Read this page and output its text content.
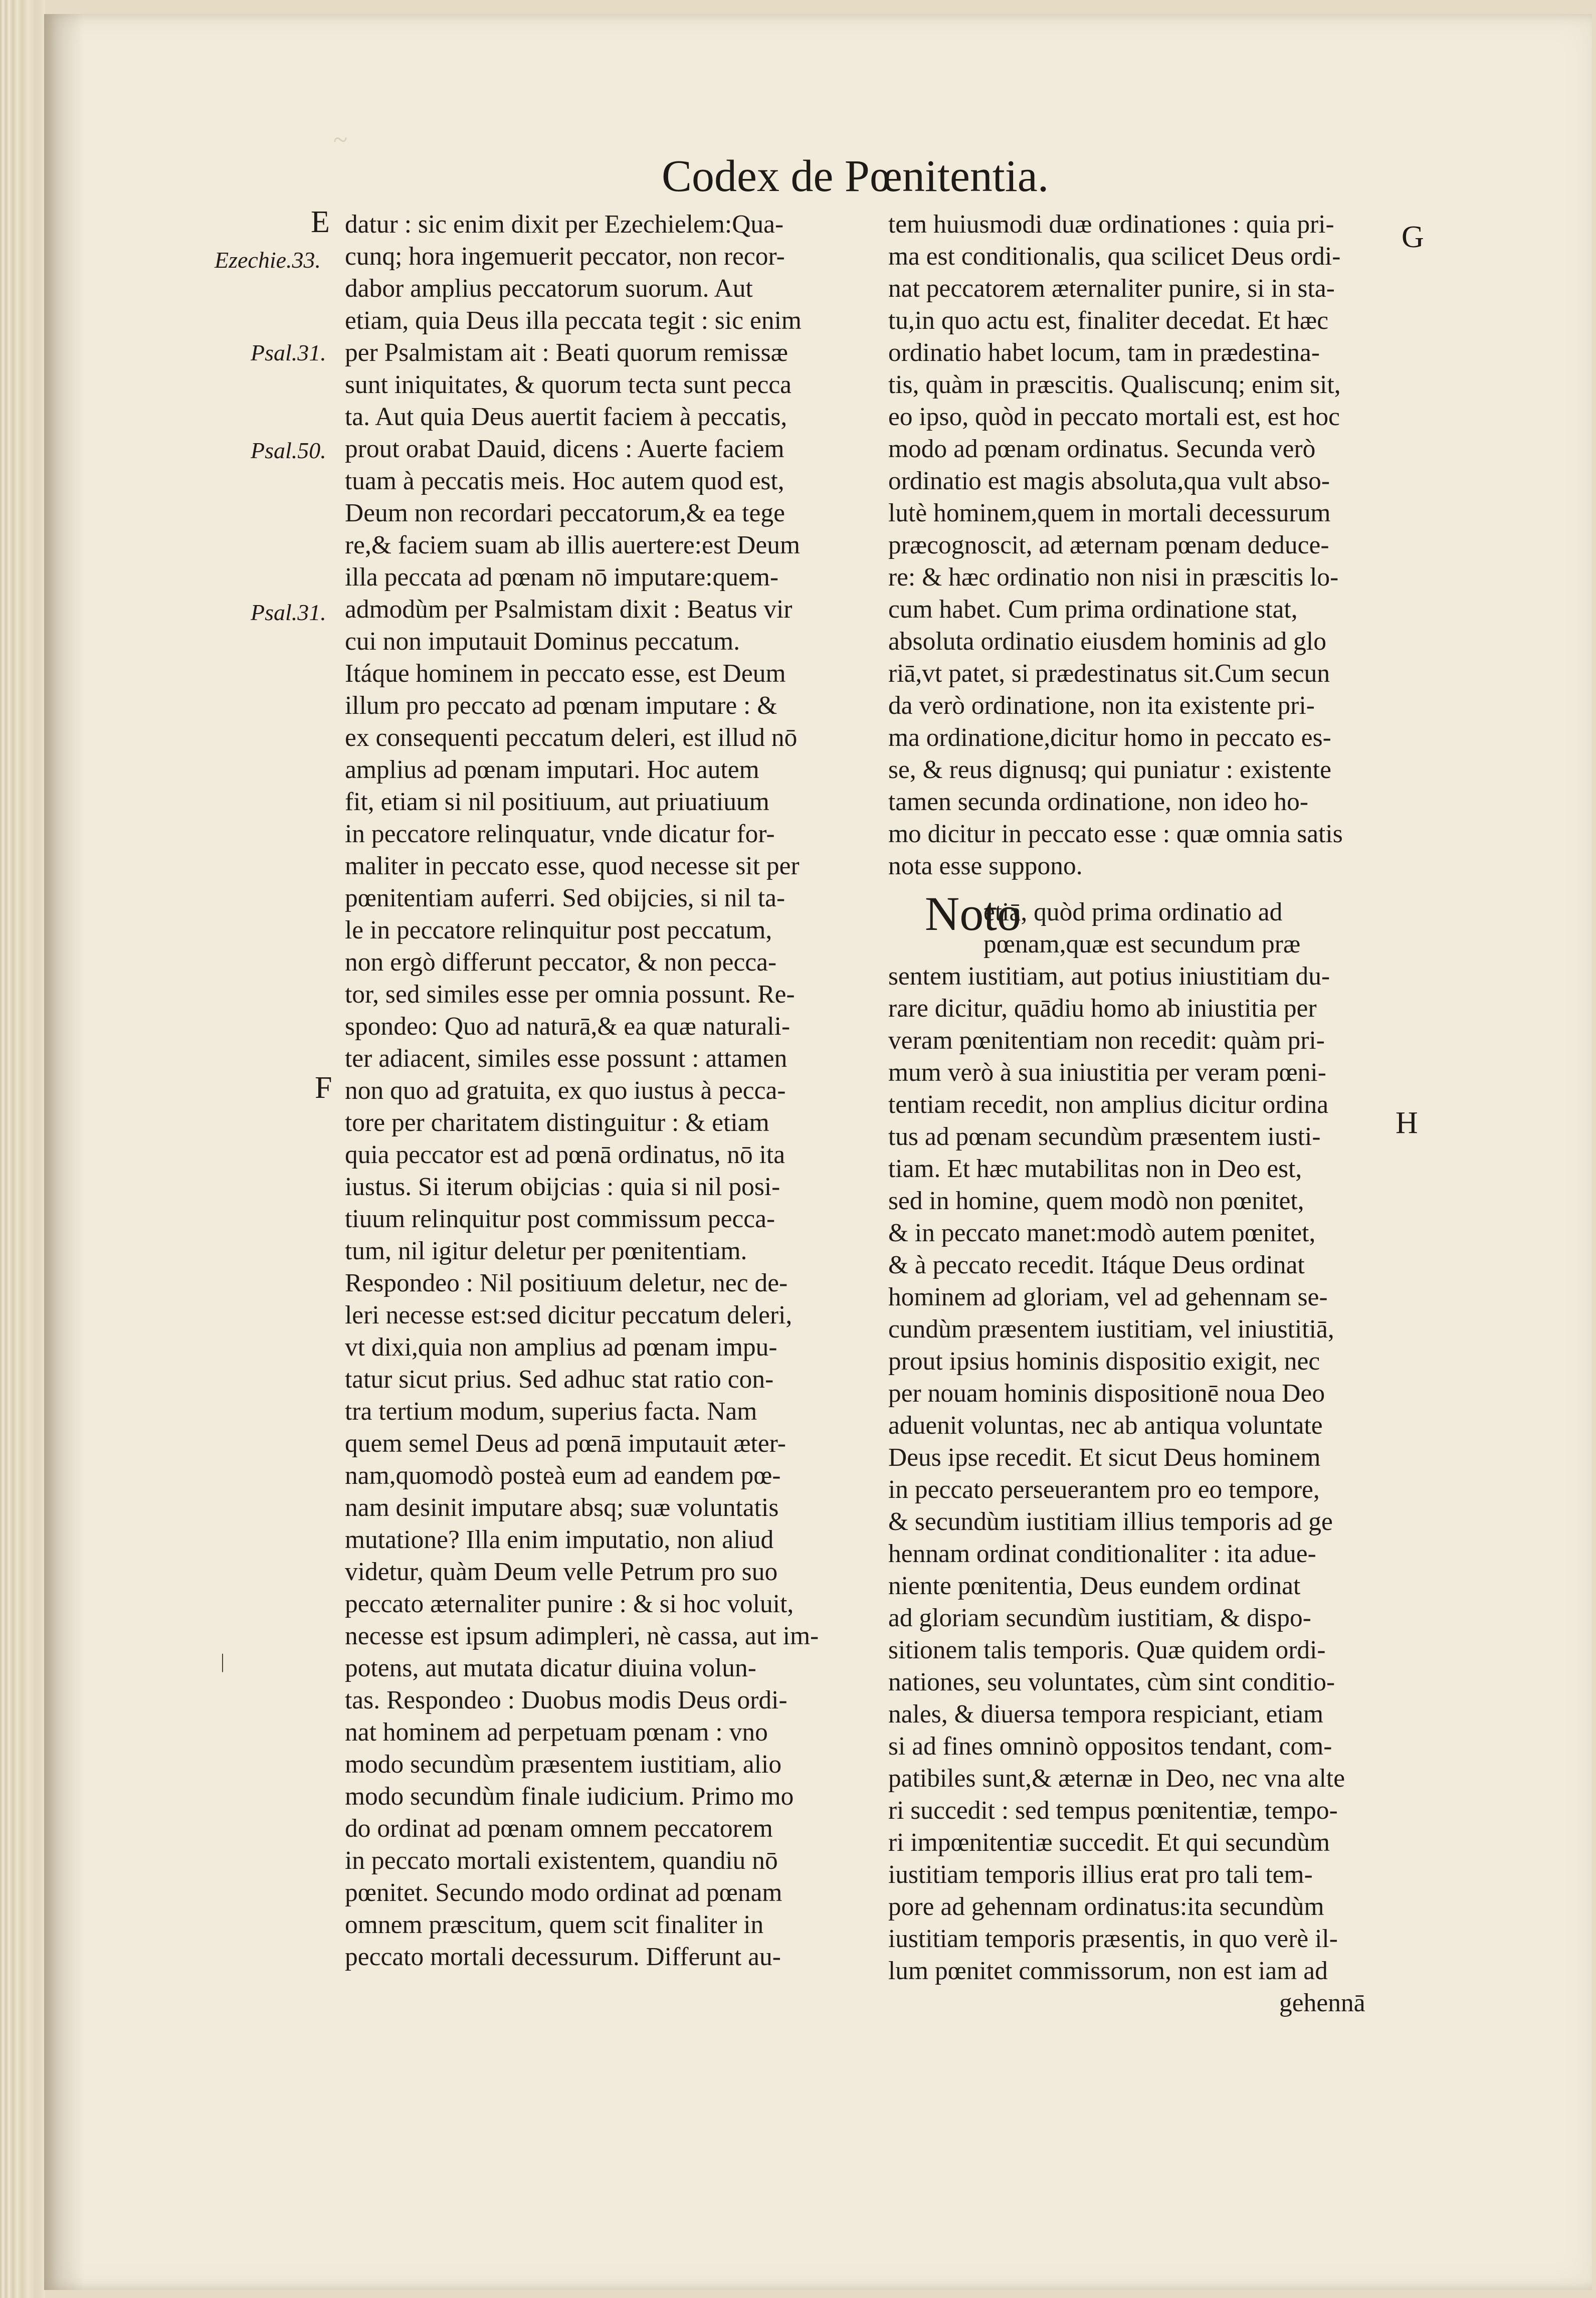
~

Codex de Pœnitentia.

E

F

G

H

Ezechie.33.

Psal.31.

Psal.50.

Psal.31.

|

datur : sic enim dixit per Ezechielem:Qua-
cunq; hora ingemuerit peccator, non recor-
dabor amplius peccatorum suorum. Aut
etiam, quia Deus illa peccata tegit : sic enim
per Psalmistam ait : Beati quorum remissæ
sunt iniquitates, & quorum tecta sunt pecca
ta. Aut quia Deus auertit faciem à peccatis,
prout orabat Dauid, dicens : Auerte faciem
tuam à peccatis meis. Hoc autem quod est,
Deum non recordari peccatorum,& ea tege
re,& faciem suam ab illis auertere:est Deum
illa peccata ad pœnam nō imputare:quem-
admodùm per Psalmistam dixit : Beatus vir
cui non imputauit Dominus peccatum.
Itáque hominem in peccato esse, est Deum
illum pro peccato ad pœnam imputare : &
ex consequenti peccatum deleri, est illud nō
amplius ad pœnam imputari. Hoc autem
fit, etiam si nil positiuum, aut priuatiuum
in peccatore relinquatur, vnde dicatur for-
maliter in peccato esse, quod necesse sit per
pœnitentiam auferri. Sed obijcies, si nil ta-
le in peccatore relinquitur post peccatum,
non ergò differunt peccator, & non pecca-
tor, sed similes esse per omnia possunt. Re-
spondeo: Quo ad naturā,& ea quæ naturali-
ter adiacent, similes esse possunt : attamen
non quo ad gratuita, ex quo iustus à pecca-
tore per charitatem distinguitur : & etiam
quia peccator est ad pœnā ordinatus, nō ita
iustus. Si iterum obijcias : quia si nil posi-
tiuum relinquitur post commissum pecca-
tum, nil igitur deletur per pœnitentiam.
Respondeo : Nil positiuum deletur, nec de-
leri necesse est:sed dicitur peccatum deleri,
vt dixi,quia non amplius ad pœnam impu-
tatur sicut prius. Sed adhuc stat ratio con-
tra tertium modum, superius facta. Nam
quem semel Deus ad pœnā imputauit æter-
nam,quomodò posteà eum ad eandem pœ-
nam desinit imputare absq; suæ voluntatis
mutatione? Illa enim imputatio, non aliud
videtur, quàm Deum velle Petrum pro suo
peccato æternaliter punire : & si hoc voluit,
necesse est ipsum adimpleri, nè cassa, aut im-
potens, aut mutata dicatur diuina volun-
tas. Respondeo : Duobus modis Deus ordi-
nat hominem ad perpetuam pœnam : vno
modo secundùm præsentem iustitiam, alio
modo secundùm finale iudicium. Primo mo
do ordinat ad pœnam omnem peccatorem
in peccato mortali existentem, quandiu nō
pœnitet. Secundo modo ordinat ad pœnam
omnem præscitum, quem scit finaliter in
peccato mortali decessurum. Differunt au-
tem huiusmodi duæ ordinationes : quia pri-
ma est conditionalis, qua scilicet Deus ordi-
nat peccatorem æternaliter punire, si in sta-
tu,in quo actu est, finaliter decedat. Et hæc
ordinatio habet locum, tam in prædestina-
tis, quàm in præscitis. Qualiscunq; enim sit,
eo ipso, quòd in peccato mortali est, est hoc
modo ad pœnam ordinatus. Secunda verò
ordinatio est magis absoluta,qua vult abso-
lutè hominem,quem in mortali decessurum
præcognoscit, ad æternam pœnam deduce-
re: & hæc ordinatio non nisi in præscitis lo-
cum habet. Cum prima ordinatione stat,
absoluta ordinatio eiusdem hominis ad glo
riā,vt patet, si prædestinatus sit.Cum secun
da verò ordinatione, non ita existente pri-
ma ordinatione,dicitur homo in peccato es-
se, & reus dignusq; qui puniatur : existente
tamen secunda ordinatione, non ideo ho-
mo dicitur in peccato esse : quæ omnia satis
nota esse suppono.
etiā, quòd prima ordinatio ad
pœnam,quæ est secundum præ
sentem iustitiam, aut potius iniustitiam du-
rare dicitur, quādiu homo ab iniustitia per
veram pœnitentiam non recedit: quàm pri-
mum verò à sua iniustitia per veram pœni-
tentiam recedit, non amplius dicitur ordina
tus ad pœnam secundùm præsentem iusti-
tiam. Et hæc mutabilitas non in Deo est,
sed in homine, quem modò non pœnitet,
& in peccato manet:modò autem pœnitet,
& à peccato recedit. Itáque Deus ordinat
hominem ad gloriam, vel ad gehennam se-
cundùm præsentem iustitiam, vel iniustitiā,
prout ipsius hominis dispositio exigit, nec
per nouam hominis dispositionē noua Deo
aduenit voluntas, nec ab antiqua voluntate
Deus ipse recedit. Et sicut Deus hominem
in peccato perseuerantem pro eo tempore,
& secundùm iustitiam illius temporis ad ge
hennam ordinat conditionaliter : ita adue-
niente pœnitentia, Deus eundem ordinat
ad gloriam secundùm iustitiam, & dispo-
sitionem talis temporis. Quæ quidem ordi-
nationes, seu voluntates, cùm sint conditio-
nales, & diuersa tempora respiciant, etiam
si ad fines omninò oppositos tendant, com-
patibiles sunt,& æternæ in Deo, nec vna alte
ri succedit : sed tempus pœnitentiæ, tempo-
ri impœnitentiæ succedit. Et qui secundùm
iustitiam temporis illius erat pro tali tem-
pore ad gehennam ordinatus:ita secundùm
iustitiam temporis præsentis, in quo verè il-
lum pœnitet commissorum, non est iam ad
gehennā

Noto
